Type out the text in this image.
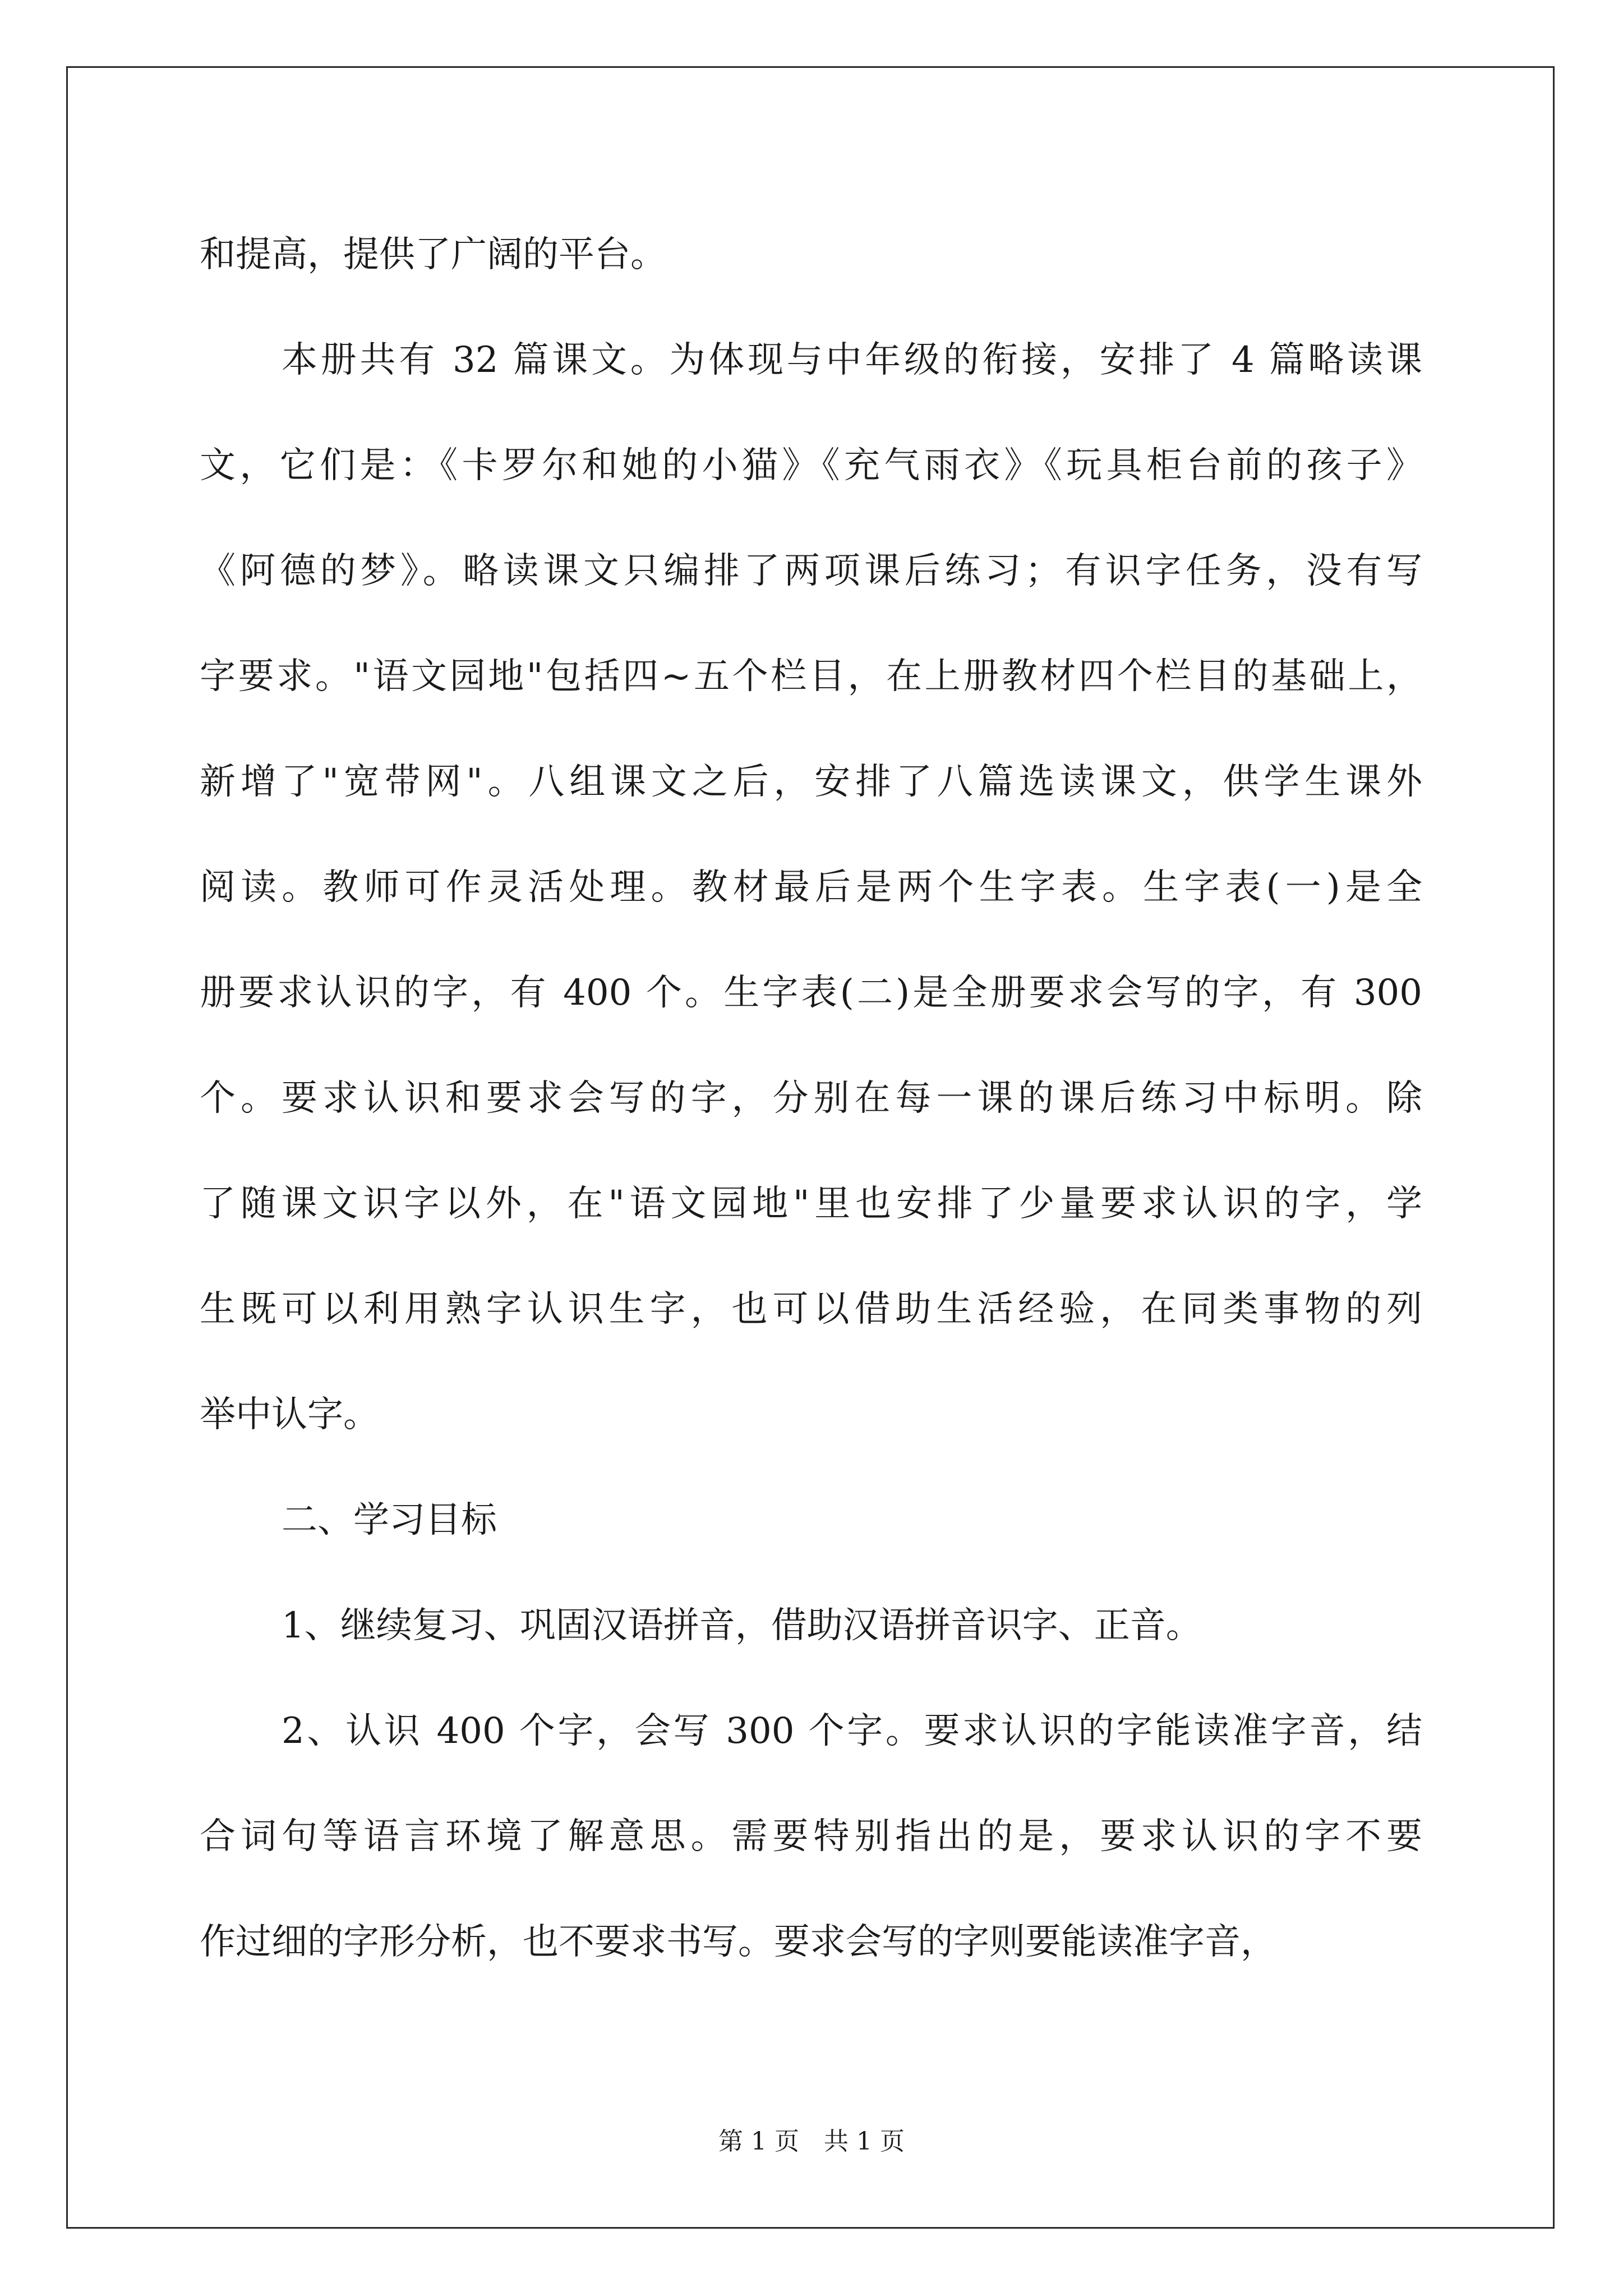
和提高，提供了广阔的平台。
本册共有 32 篇课文。为体现与中年级的衔接，安排了 4 篇略读课
文，它们是：《卡罗尔和她的小猫》《充气雨衣》《玩具柜台前的孩子》
《阿德的梦》。略读课文只编排了两项课后练习；有识字任务，没有写
字要求。"语文园地"包括四~五个栏目，在上册教材四个栏目的基础上，
新增了"宽带网"。八组课文之后，安排了八篇选读课文，供学生课外
阅读。教师可作灵活处理。教材最后是两个生字表。生字表(一)是全
册要求认识的字，有 400 个。生字表(二)是全册要求会写的字，有 300
个。要求认识和要求会写的字，分别在每一课的课后练习中标明。除
了随课文识字以外，在"语文园地"里也安排了少量要求认识的字，学
生既可以利用熟字认识生字，也可以借助生活经验，在同类事物的列
举中认字。
二、学习目标
1、继续复习、巩固汉语拼音，借助汉语拼音识字、正音。
2、认识 400 个字，会写 300 个字。要求认识的字能读准字音，结
合词句等语言环境了解意思。需要特别指出的是，要求认识的字不要
作过细的字形分析，也不要求书写。要求会写的字则要能读准字音，
第 1 页　共 1 页
